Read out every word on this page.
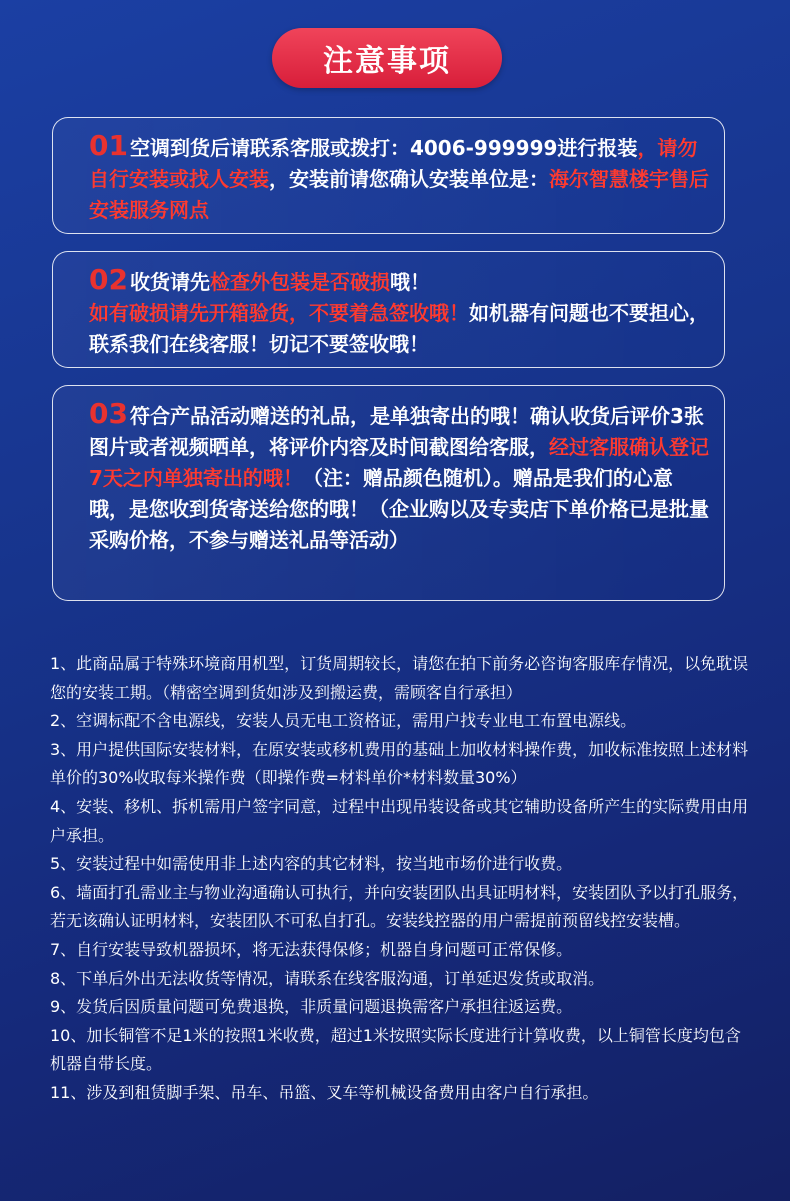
注意事项
01 空调到货后请联系客服或拨打：4006-999999进行报装，请勿自行安装或找人安装，安装前请您确认安装单位是：海尔智慧楼宇售后安装服务网点
02 收货请先检查外包装是否破损哦！
如有破损请先开箱验货，不要着急签收哦！如机器有问题也不要担心，联系我们在线客服！切记不要签收哦！
03 符合产品活动赠送的礼品，是单独寄出的哦！确认收货后评价3张图片或者视频晒单，将评价内容及时间截图给客服，经过客服确认登记7天之内单独寄出的哦！（注：赠品颜色随机）。赠品是我们的心意哦，是您收到货寄送给您的哦！（企业购以及专卖店下单价格已是批量采购价格，不参与赠送礼品等活动）

1、此商品属于特殊环境商用机型，订货周期较长，请您在拍下前务必咨询客服库存情况，以免耽误您的安装工期。（精密空调到货如涉及到搬运费，需顾客自行承担）

2、空调标配不含电源线，安装人员无电工资格证，需用户找专业电工布置电源线。

3、用户提供国际安装材料，在原安装或移机费用的基础上加收材料操作费，加收标准按照上述材料单价的30%收取每米操作费（即操作费=材料单价*材料数量30%）

4、安装、移机、拆机需用户签字同意，过程中出现吊装设备或其它辅助设备所产生的实际费用由用户承担。

5、安装过程中如需使用非上述内容的其它材料，按当地市场价进行收费。

6、墙面打孔需业主与物业沟通确认可执行，并向安装团队出具证明材料，安装团队予以打孔服务，若无该确认证明材料，安装团队不可私自打孔。安装线控器的用户需提前预留线控安装槽。

7、自行安装导致机器损坏，将无法获得保修；机器自身问题可正常保修。

8、下单后外出无法收货等情况，请联系在线客服沟通，订单延迟发货或取消。

9、发货后因质量问题可免费退换，非质量问题退换需客户承担往返运费。

10、加长铜管不足1米的按照1米收费，超过1米按照实际长度进行计算收费，以上铜管长度均包含机器自带长度。

11、涉及到租赁脚手架、吊车、吊篮、叉车等机械设备费用由客户自行承担。
